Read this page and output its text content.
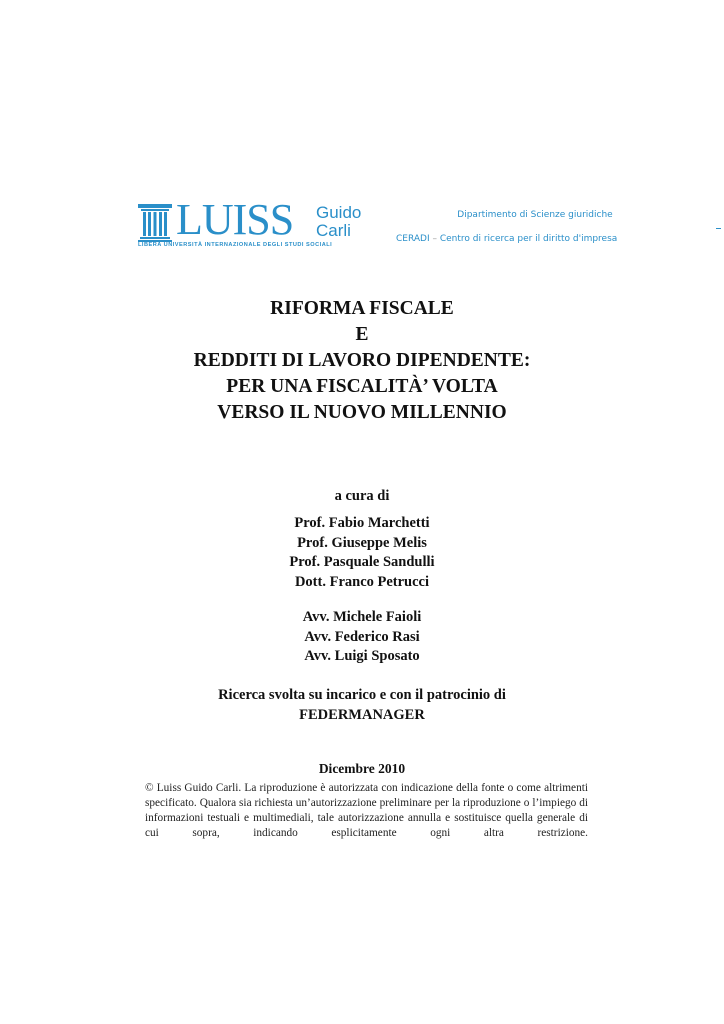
LUISS Guido
Carli
LIBERA UNIVERSITÀ INTERNAZIONALE DEGLI STUDI SOCIALI
Dipartimento di Scienze giuridiche
CERADI – Centro di ricerca per il diritto d'impresa
RIFORMA FISCALE
E
REDDITI DI LAVORO DIPENDENTE:
PER UNA FISCALITÀ’ VOLTA
VERSO IL NUOVO MILLENNIO
a cura di
Prof. Fabio Marchetti
Prof. Giuseppe Melis
Prof. Pasquale Sandulli
Dott. Franco Petrucci
Avv. Michele Faioli
Avv. Federico Rasi
Avv. Luigi Sposato
Ricerca svolta su incarico e con il patrocinio di
FEDERMANAGER
Dicembre 2010
© Luiss Guido Carli. La riproduzione è autorizzata con indicazione della fonte o come altrimenti specificato. Qualora sia richiesta un’autorizzazione preliminare per la riproduzione o l’impiego di informazioni testuali e multimediali, tale autorizzazione annulla e sostituisce quella generale di cui sopra, indicando esplicitamente ogni altra restrizione.
